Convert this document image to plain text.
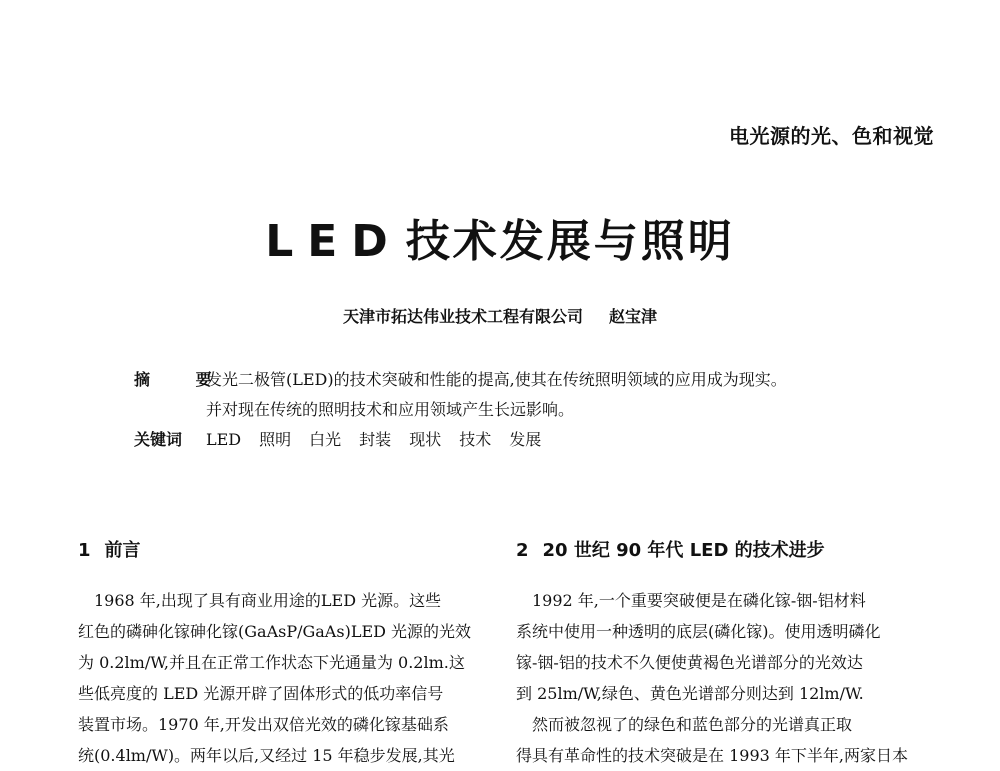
电光源的光、色和视觉
LED技术发展与照明
天津市拓达伟业技术工程有限公司 赵宝津
摘 要
发光二极管(LED)的技术突破和性能的提高,使其在传统照明领域的应用成为现实。
并对现在传统的照明技术和应用领域产生长远影响。
关键词	LED 照明 白光 封装 现状 技术 发展
1 前言

　1968 年,出现了具有商业用途的LED 光源。这些
红色的磷砷化镓砷化镓(GaAsP/GaAs)LED 光源的光效
为 0.2lm/W,并且在正常工作状态下光通量为 0.2lm.这
些低亮度的 LED 光源开辟了固体形式的低功率信号
装置市场。1970 年,开发出双倍光效的磷化镓基础系
统(0.4lm/W)。两年以后,又经过 15 年稳步发展,其光

2 20 世纪 90 年代 LED 的技术进步

　1992 年,一个重要突破便是在磷化镓-铟-铝材料
系统中使用一种透明的底层(磷化镓)。使用透明磷化
镓-铟-铝的技术不久便使黄褐色光谱部分的光效达
到 25lm/W,绿色、黄色光谱部分则达到 12lm/W.

　然而被忽视了的绿色和蓝色部分的光谱真正取
得具有革命性的技术突破是在 1993 年下半年,两家日本
